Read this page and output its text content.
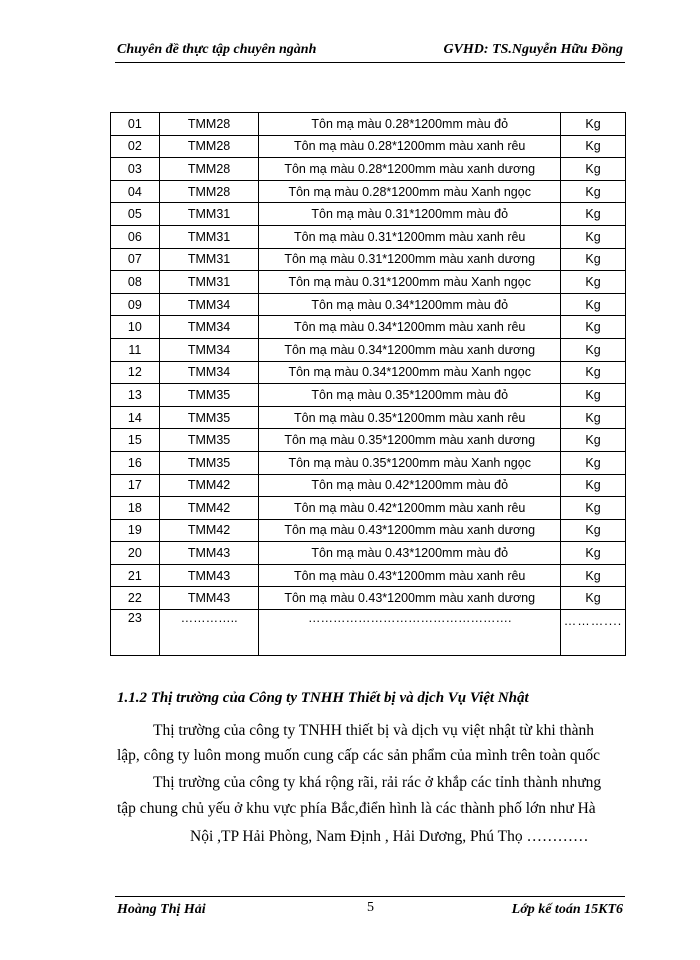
Chuyên đề thực tập chuyên ngành	GVHD: TS.Nguyễn Hữu Đồng
01	TMM28	Tôn mạ màu 0.28*1200mm màu đỏ	Kg
02	TMM28	Tôn mạ màu 0.28*1200mm màu xanh rêu	Kg
03	TMM28	Tôn mạ màu 0.28*1200mm màu xanh dương	Kg
04	TMM28	Tôn mạ màu 0.28*1200mm màu Xanh ngọc	Kg
05	TMM31	Tôn mạ màu 0.31*1200mm màu đỏ	Kg
06	TMM31	Tôn mạ màu 0.31*1200mm màu xanh rêu	Kg
07	TMM31	Tôn mạ màu 0.31*1200mm màu xanh dương	Kg
08	TMM31	Tôn mạ màu 0.31*1200mm màu Xanh ngọc	Kg
09	TMM34	Tôn mạ màu 0.34*1200mm màu đỏ	Kg
10	TMM34	Tôn mạ màu 0.34*1200mm màu xanh rêu	Kg
11	TMM34	Tôn mạ màu 0.34*1200mm màu xanh dương	Kg
12	TMM34	Tôn mạ màu 0.34*1200mm màu Xanh ngọc	Kg
13	TMM35	Tôn mạ màu 0.35*1200mm màu đỏ	Kg
14	TMM35	Tôn mạ màu 0.35*1200mm màu xanh rêu	Kg
15	TMM35	Tôn mạ màu 0.35*1200mm màu xanh dương	Kg
16	TMM35	Tôn mạ màu 0.35*1200mm màu Xanh ngọc	Kg
17	TMM42	Tôn mạ màu 0.42*1200mm màu đỏ	Kg
18	TMM42	Tôn mạ màu 0.42*1200mm màu xanh rêu	Kg
19	TMM42	Tôn mạ màu 0.43*1200mm màu xanh dương	Kg
20	TMM43	Tôn mạ màu 0.43*1200mm màu đỏ	Kg
21	TMM43	Tôn mạ màu 0.43*1200mm màu xanh rêu	Kg
22	TMM43	Tôn mạ màu 0.43*1200mm màu xanh dương	Kg
23	…………..	………………………………………….	………....
1.1.2 Thị trường của Công ty TNHH Thiết bị và dịch Vụ Việt Nhật
Thị trường của công ty TNHH thiết bị và dịch vụ việt nhật từ khi thành
lập, công ty luôn mong muốn cung cấp các sản phẩm của mình trên toàn quốc
Thị trường của công ty khá rộng rãi, rải rác ở khắp các tỉnh thành nhưng
tập chung chủ yếu ở khu vực phía Bắc,điển hình là các thành phố lớn như Hà
Nội ,TP Hải Phòng, Nam Định , Hải Dương, Phú Thọ …………
Hoàng Thị Hải	5	Lớp kế toán 15KT6
